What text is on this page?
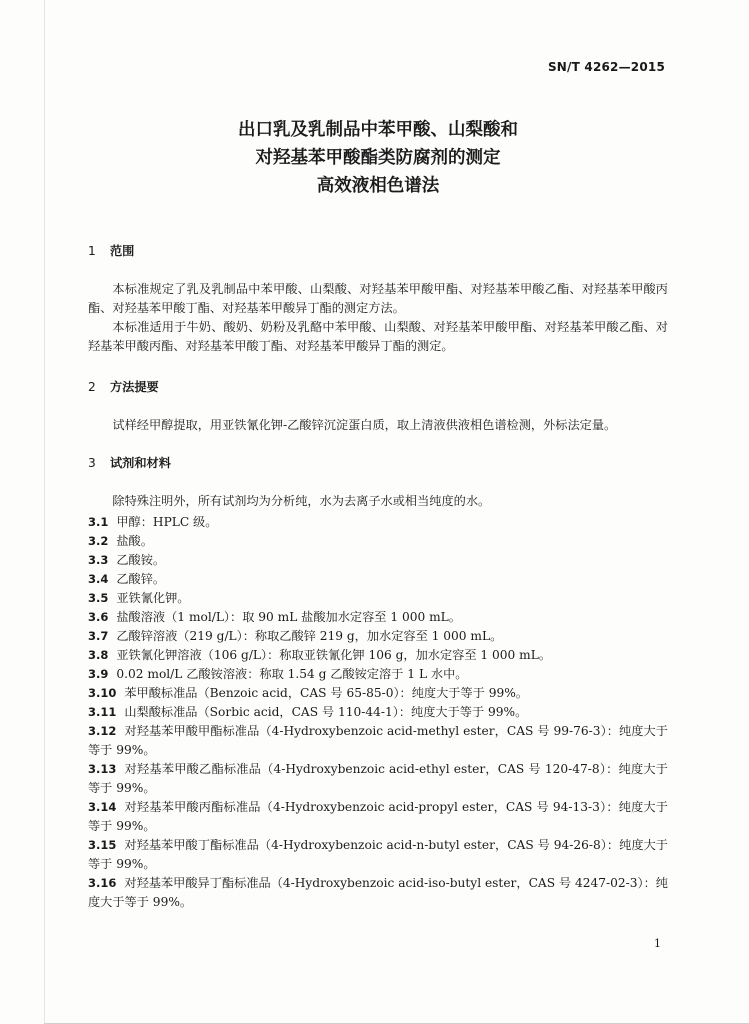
SN/T 4262—2015
出口乳及乳制品中苯甲酸、山梨酸和
对羟基苯甲酸酯类防腐剂的测定
高效液相色谱法
1 范围
本标准规定了乳及乳制品中苯甲酸、山梨酸、对羟基苯甲酸甲酯、对羟基苯甲酸乙酯、对羟基苯甲酸丙酯、对羟基苯甲酸丁酯、对羟基苯甲酸异丁酯的测定方法。
本标准适用于牛奶、酸奶、奶粉及乳酪中苯甲酸、山梨酸、对羟基苯甲酸甲酯、对羟基苯甲酸乙酯、对羟基苯甲酸丙酯、对羟基苯甲酸丁酯、对羟基苯甲酸异丁酯的测定。
2 方法提要
试样经甲醇提取，用亚铁氰化钾-乙酸锌沉淀蛋白质，取上清液供液相色谱检测，外标法定量。
3 试剂和材料
除特殊注明外，所有试剂均为分析纯，水为去离子水或相当纯度的水。
3.1 甲醇：HPLC 级。
3.2 盐酸。
3.3 乙酸铵。
3.4 乙酸锌。
3.5 亚铁氰化钾。
3.6 盐酸溶液（1 mol/L）：取 90 mL 盐酸加水定容至 1 000 mL。
3.7 乙酸锌溶液（219 g/L）：称取乙酸锌 219 g，加水定容至 1 000 mL。
3.8 亚铁氰化钾溶液（106 g/L）：称取亚铁氰化钾 106 g，加水定容至 1 000 mL。
3.9 0.02 mol/L 乙酸铵溶液：称取 1.54 g 乙酸铵定溶于 1 L 水中。
3.10 苯甲酸标准品（Benzoic acid，CAS 号 65-85-0）：纯度大于等于 99%。
3.11 山梨酸标准品（Sorbic acid，CAS 号 110-44-1）：纯度大于等于 99%。
3.12 对羟基苯甲酸甲酯标准品（4-Hydroxybenzoic acid-methyl ester，CAS 号 99-76-3）：纯度大于等于 99%。
3.13 对羟基苯甲酸乙酯标准品（4-Hydroxybenzoic acid-ethyl ester，CAS 号 120-47-8）：纯度大于等于 99%。
3.14 对羟基苯甲酸丙酯标准品（4-Hydroxybenzoic acid-propyl ester，CAS 号 94-13-3）：纯度大于等于 99%。
3.15 对羟基苯甲酸丁酯标准品（4-Hydroxybenzoic acid-n-butyl ester，CAS 号 94-26-8）：纯度大于等于 99%。
3.16 对羟基苯甲酸异丁酯标准品（4-Hydroxybenzoic acid-iso-butyl ester，CAS 号 4247-02-3）：纯度大于等于 99%。
1
